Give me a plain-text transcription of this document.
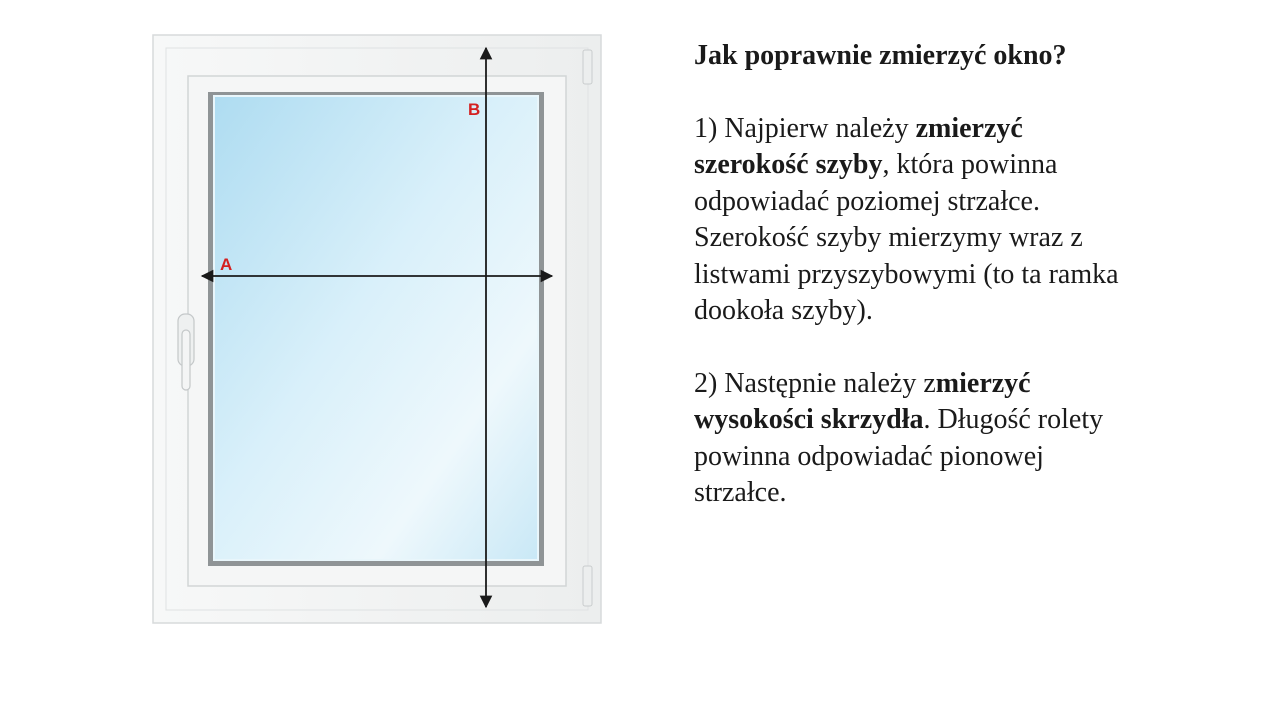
A
B

Jak poprawnie zmierzyć okno?

1) Najpierw należy zmierzyć szerokość szyby, która powinna odpowiadać poziomej strzałce. Szerokość szyby mierzymy wraz z listwami przyszybowymi (to ta ramka dookoła szyby).

2) Następnie należy zmierzyć wysokości skrzydła. Długość rolety powinna odpowiadać pionowej strzałce.
